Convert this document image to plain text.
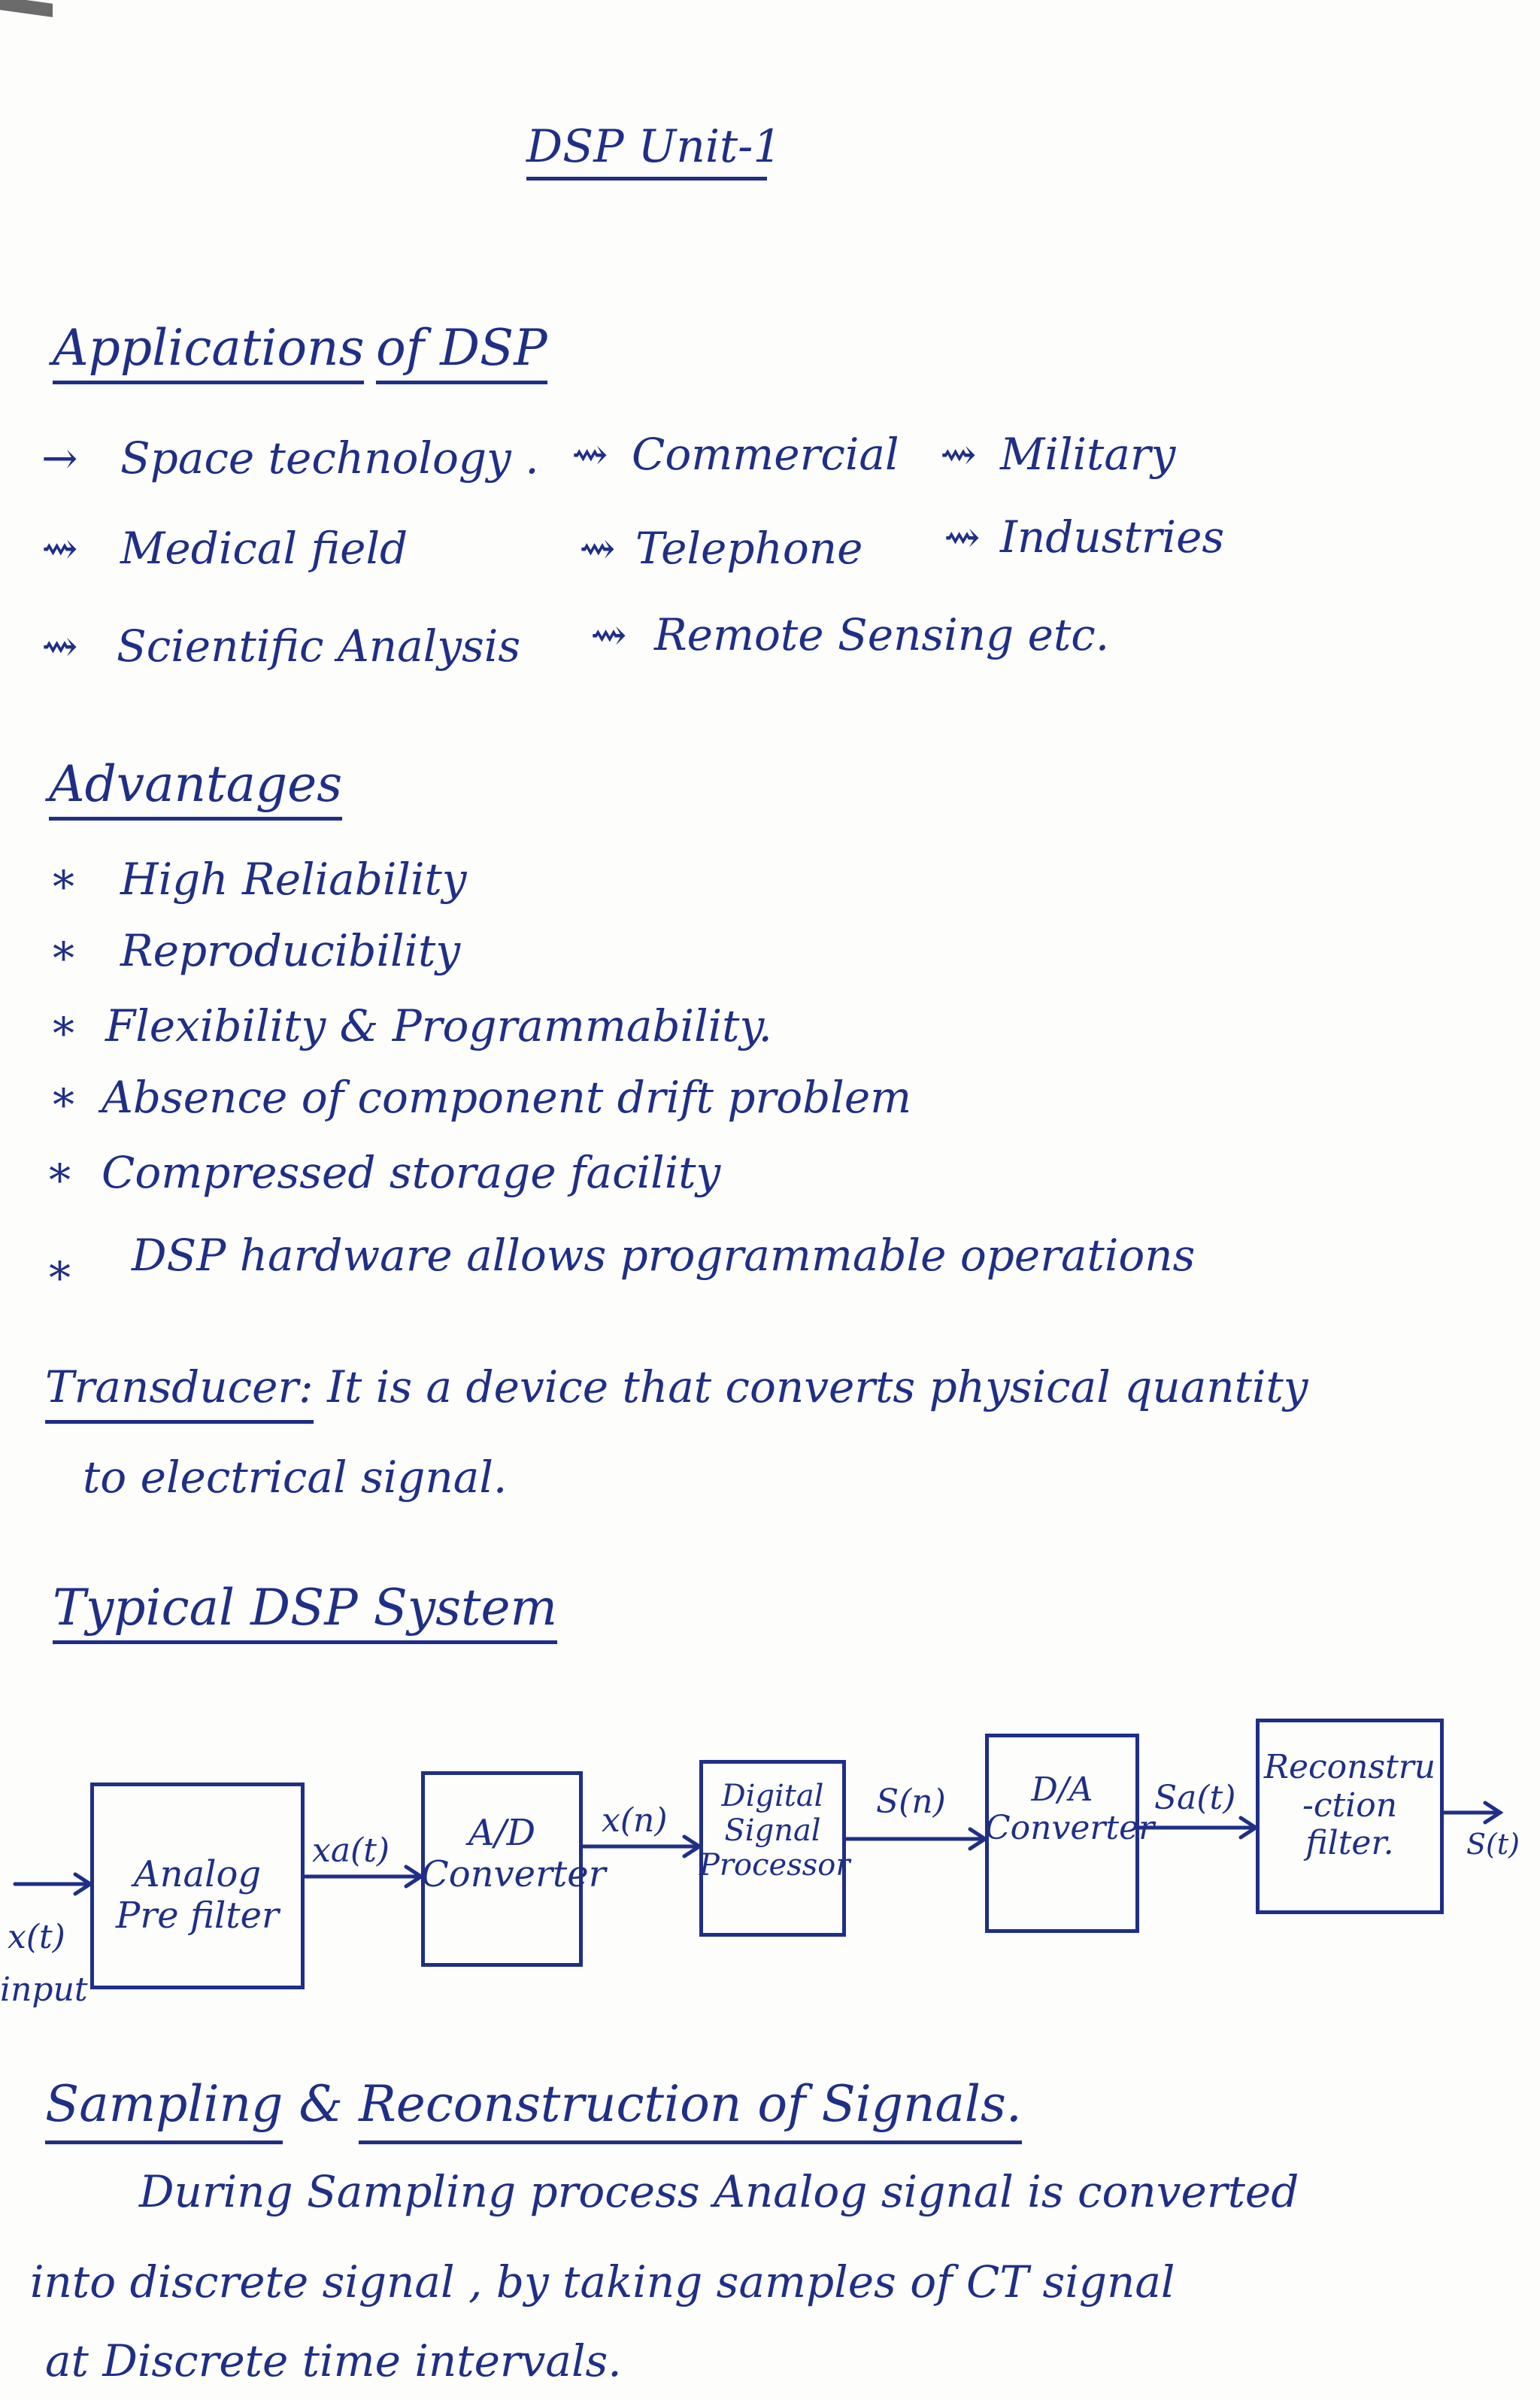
DSP Unit-1
Applications of DSP
→ Space technology . ⇝ Commercial ⇝ Military
⇝ Medical field	⇝ Telephone ⇝ Industries
⇝ Scientific Analysis ⇝ Remote Sensing etc.
Advantages
* High Reliability
* Reproducibility
* Flexibility & Programmability.
* Absence of component drift problem
* Compressed storage facility
* DSP hardware allows programmable operations
Transducer: It is a device that converts physical quantity
to electrical signal.
Typical DSP System
Analog
Pre filter
A/D
Converter
Digital
Signal
Processor
D/A
Converter
Reconstru
-ction
filter.
x(t)
input
xa(t)
x(n)	S(n)	Sa(t)
S(t)
Sampling & Reconstruction of Signals.
During Sampling process Analog signal is converted
into discrete signal , by taking samples of CT signal
at Discrete time intervals.
